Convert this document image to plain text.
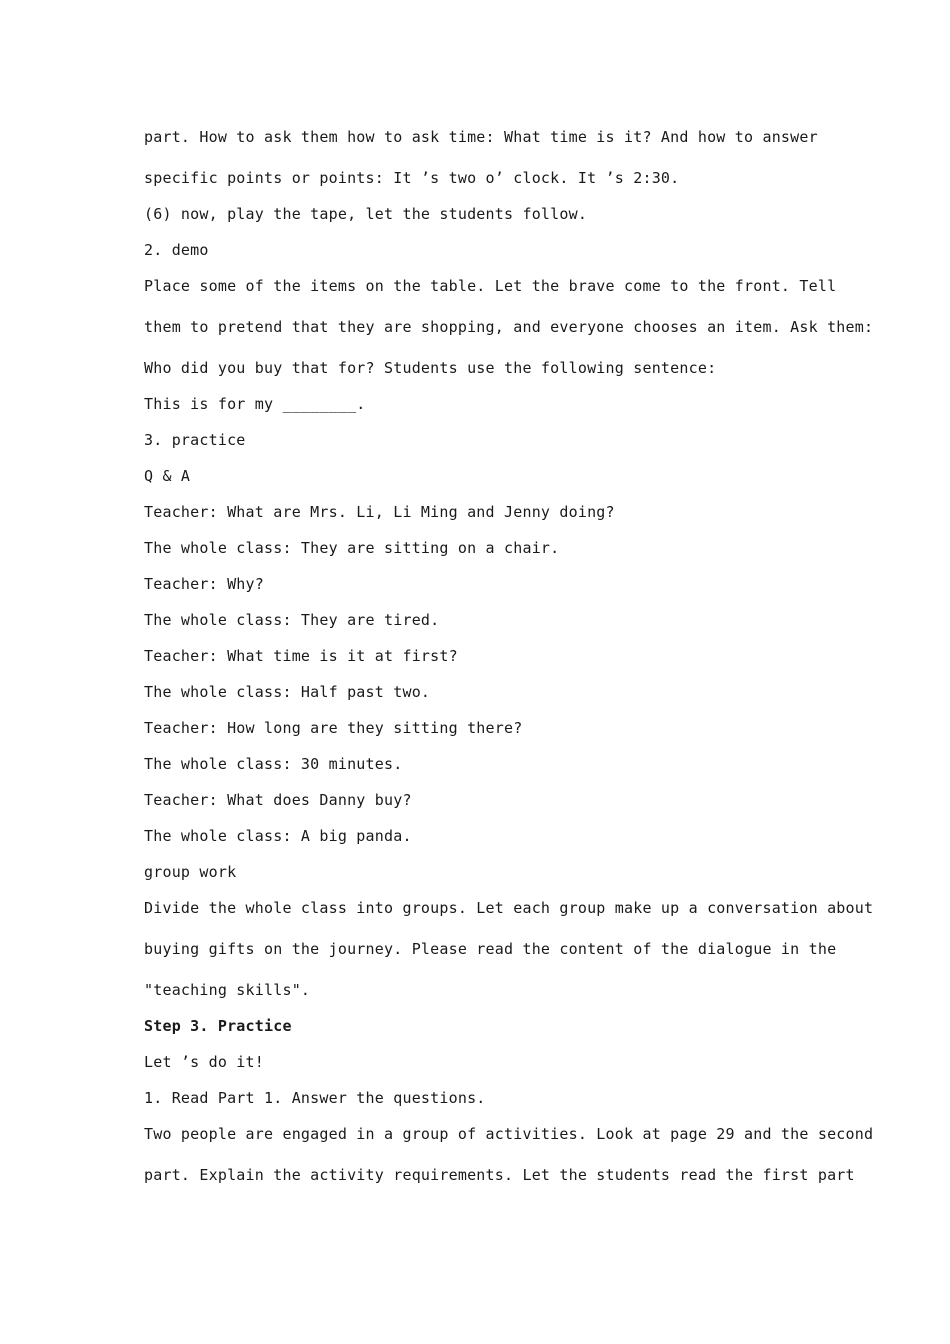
part. How to ask them how to ask time: What time is it? And how to answer
specific points or points: It ’s two o’ clock. It ’s 2:30.
(6) now, play the tape, let the students follow.
2. demo
Place some of the items on the table. Let the brave come to the front. Tell
them to pretend that they are shopping, and everyone chooses an item. Ask them:
Who did you buy that for? Students use the following sentence:
This is for my ________.
3. practice
Q & A
Teacher: What are Mrs. Li, Li Ming and Jenny doing?
The whole class: They are sitting on a chair.
Teacher: Why?
The whole class: They are tired.
Teacher: What time is it at first?
The whole class: Half past two.
Teacher: How long are they sitting there?
The whole class: 30 minutes.
Teacher: What does Danny buy?
The whole class: A big panda.
group work
Divide the whole class into groups. Let each group make up a conversation about
buying gifts on the journey. Please read the content of the dialogue in the
"teaching skills".
Step 3. Practice
Let ’s do it!
1. Read Part 1. Answer the questions.
Two people are engaged in a group of activities. Look at page 29 and the second
part. Explain the activity requirements. Let the students read the first part
